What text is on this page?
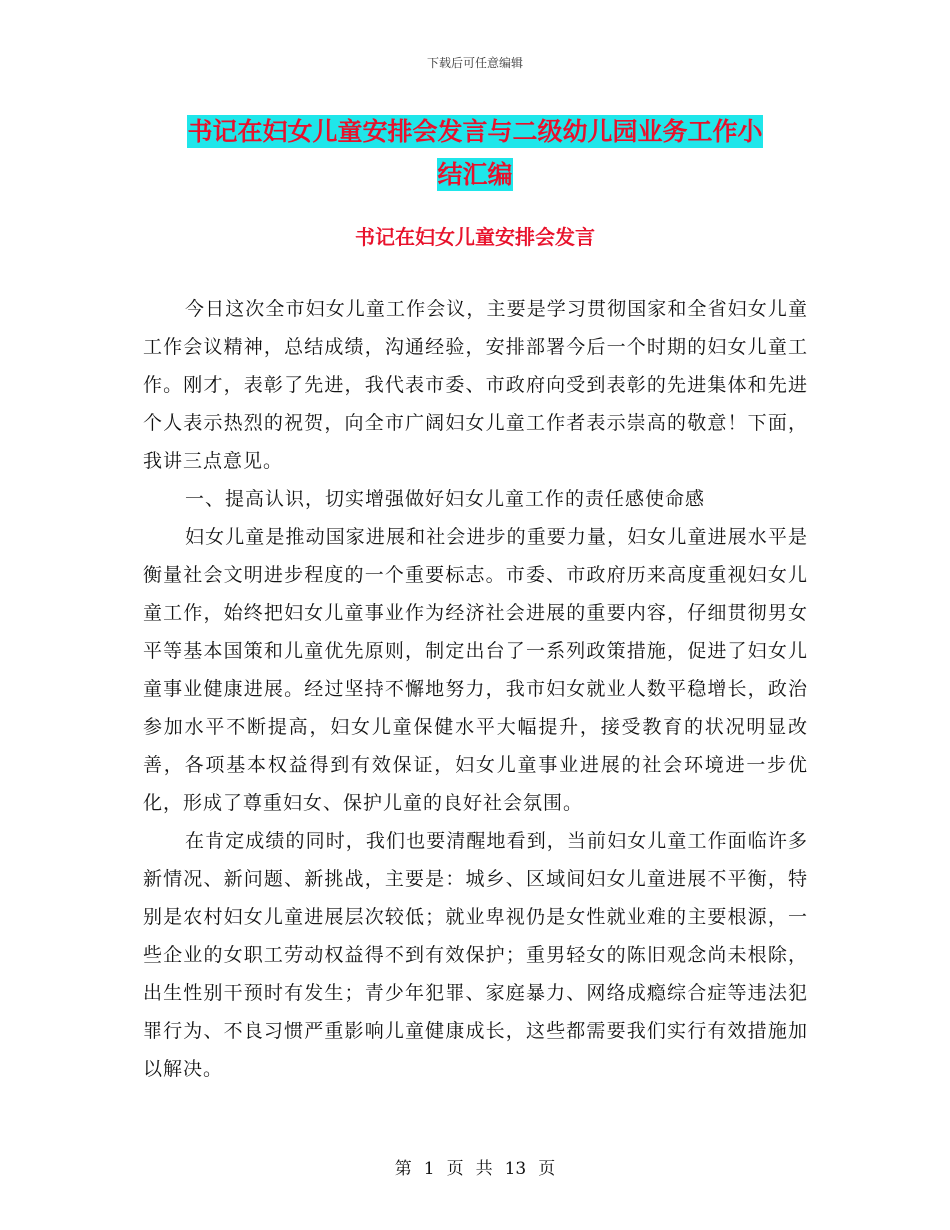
下载后可任意编辑
书记在妇女儿童安排会发言与二级幼儿园业务工作小
结汇编
书记在妇女儿童安排会发言

今日这次全市妇女儿童工作会议，主要是学习贯彻国家和全省妇女儿童工作会议精神，总结成绩，沟通经验，安排部署今后一个时期的妇女儿童工作。刚才，表彰了先进，我代表市委、市政府向受到表彰的先进集体和先进个人表示热烈的祝贺，向全市广阔妇女儿童工作者表示崇高的敬意！下面，我讲三点意见。

一、提高认识，切实增强做好妇女儿童工作的责任感使命感

妇女儿童是推动国家进展和社会进步的重要力量，妇女儿童进展水平是衡量社会文明进步程度的一个重要标志。市委、市政府历来高度重视妇女儿童工作，始终把妇女儿童事业作为经济社会进展的重要内容，仔细贯彻男女平等基本国策和儿童优先原则，制定出台了一系列政策措施，促进了妇女儿童事业健康进展。经过坚持不懈地努力，我市妇女就业人数平稳增长，政治参加水平不断提高，妇女儿童保健水平大幅提升，接受教育的状况明显改善，各项基本权益得到有效保证，妇女儿童事业进展的社会环境进一步优化，形成了尊重妇女、保护儿童的良好社会氛围。

在肯定成绩的同时，我们也要清醒地看到，当前妇女儿童工作面临许多新情况、新问题、新挑战，主要是：城乡、区域间妇女儿童进展不平衡，特别是农村妇女儿童进展层次较低；就业卑视仍是女性就业难的主要根源，一些企业的女职工劳动权益得不到有效保护；重男轻女的陈旧观念尚未根除，出生性别干预时有发生；青少年犯罪、家庭暴力、网络成瘾综合症等违法犯罪行为、不良习惯严重影响儿童健康成长，这些都需要我们实行有效措施加以解决。

第 1 页 共 13 页
